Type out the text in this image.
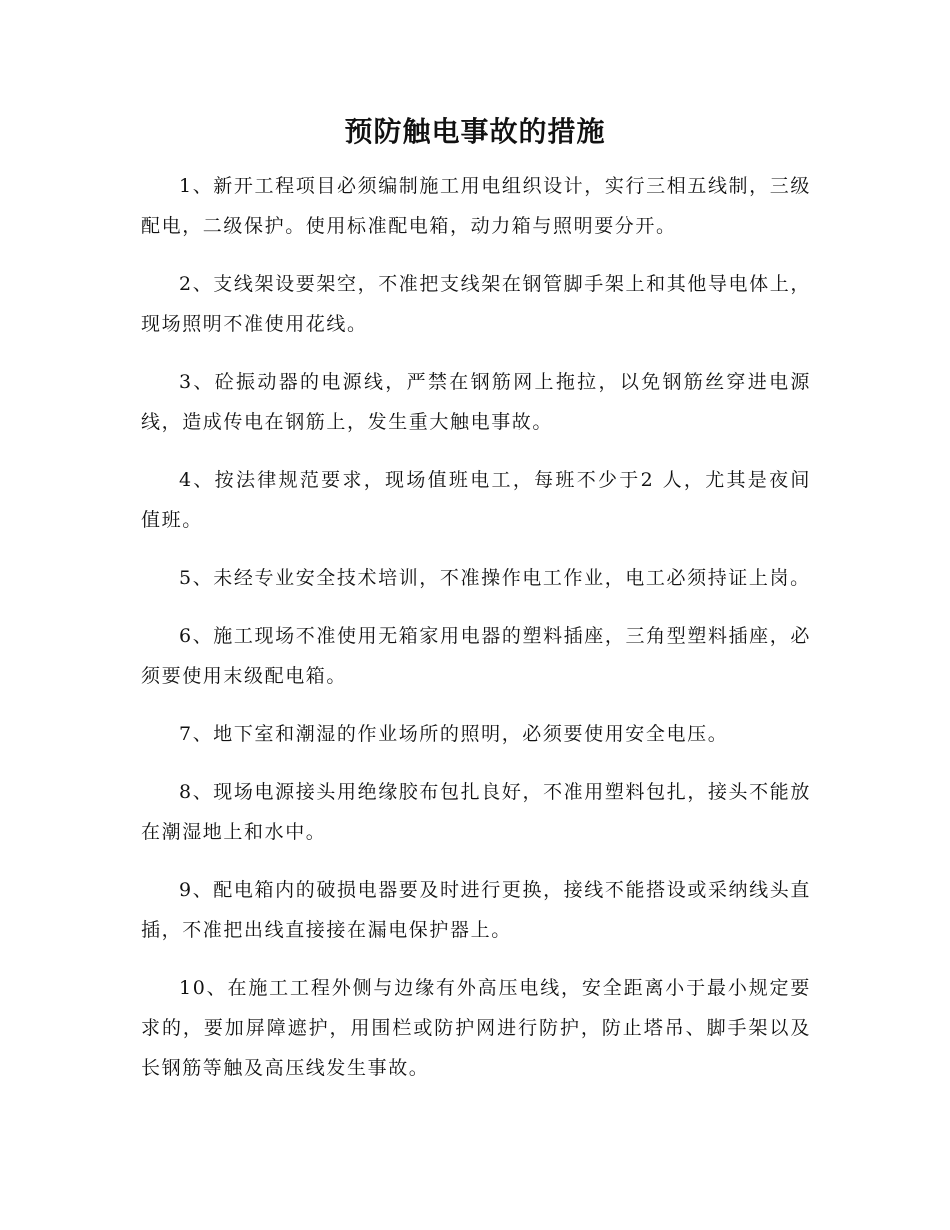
预防触电事故的措施

1、新开工程项目必须编制施工用电组织设计，实行三相五线制，三级配电，二级保护。使用标准配电箱，动力箱与照明要分开。

2、支线架设要架空，不准把支线架在钢管脚手架上和其他导电体上，现场照明不准使用花线。

3、砼振动器的电源线，严禁在钢筋网上拖拉，以免钢筋丝穿进电源线，造成传电在钢筋上，发生重大触电事故。

4、按法律规范要求，现场值班电工，每班不少于2 人，尤其是夜间值班。

5、未经专业安全技术培训，不准操作电工作业，电工必须持证上岗。

6、施工现场不准使用无箱家用电器的塑料插座，三角型塑料插座，必须要使用末级配电箱。

7、地下室和潮湿的作业场所的照明，必须要使用安全电压。

8、现场电源接头用绝缘胶布包扎良好，不准用塑料包扎，接头不能放在潮湿地上和水中。

9、配电箱内的破损电器要及时进行更换，接线不能搭设或采纳线头直插，不准把出线直接接在漏电保护器上。

10、在施工工程外侧与边缘有外高压电线，安全距离小于最小规定要求的，要加屏障遮护，用围栏或防护网进行防护，防止塔吊、脚手架以及长钢筋等触及高压线发生事故。
